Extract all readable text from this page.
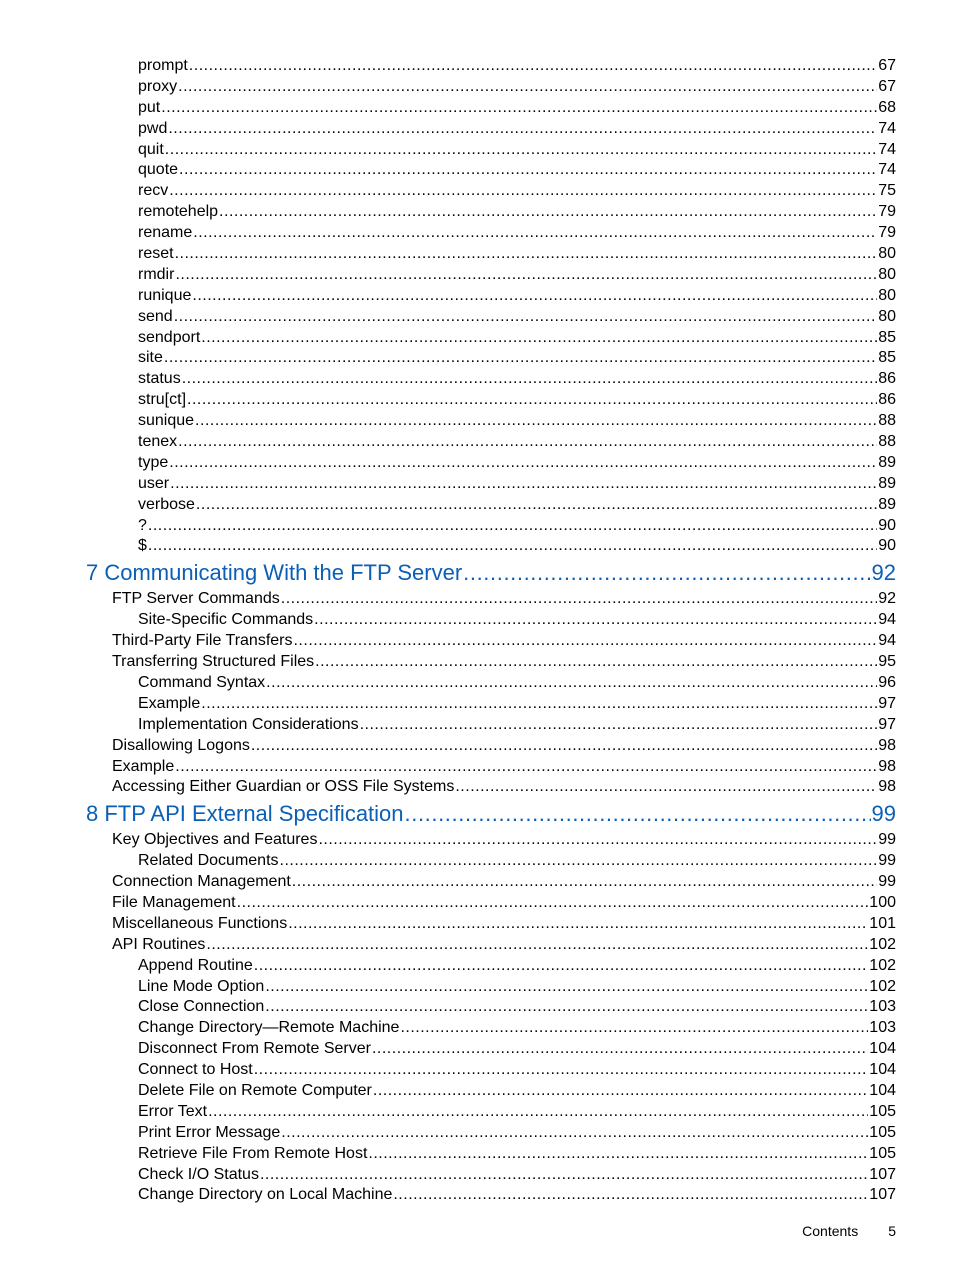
prompt .....	67
proxy .....	67
put .....	68
pwd .....	74
quit .....	74
quote .....	74
recv .....	75
remotehelp .....	79
rename .....	79
reset .....	80
rmdir .....	80
runique .....	80
send .....	80
sendport .....	85
site .....	85
status .....	86
stru[ct] .....	86
sunique .....	88
tenex .....	88
type .....	89
user .....	89
verbose .....	89
? .....	90
$ .....	90
7 Communicating With the FTP Server .....	92
FTP Server Commands .....	92
Site-Specific Commands .....	94
Third-Party File Transfers .....	94
Transferring Structured Files .....	95
Command Syntax .....	96
Example .....	97
Implementation Considerations .....	97
Disallowing Logons .....	98
Example .....	98
Accessing Either Guardian or OSS File Systems .....	98
8 FTP API External Specification .....	99
Key Objectives and Features .....	99
Related Documents .....	99
Connection Management .....	99
File Management .....	100
Miscellaneous Functions .....	101
API Routines .....	102
Append Routine .....	102
Line Mode Option .....	102
Close Connection .....	103
Change Directory—Remote Machine .....	103
Disconnect From Remote Server .....	104
Connect to Host .....	104
Delete File on Remote Computer .....	104
Error Text .....	105
Print Error Message .....	105
Retrieve File From Remote Host .....	105
Check I/O Status .....	107
Change Directory on Local Machine .....	107
Contents 5
